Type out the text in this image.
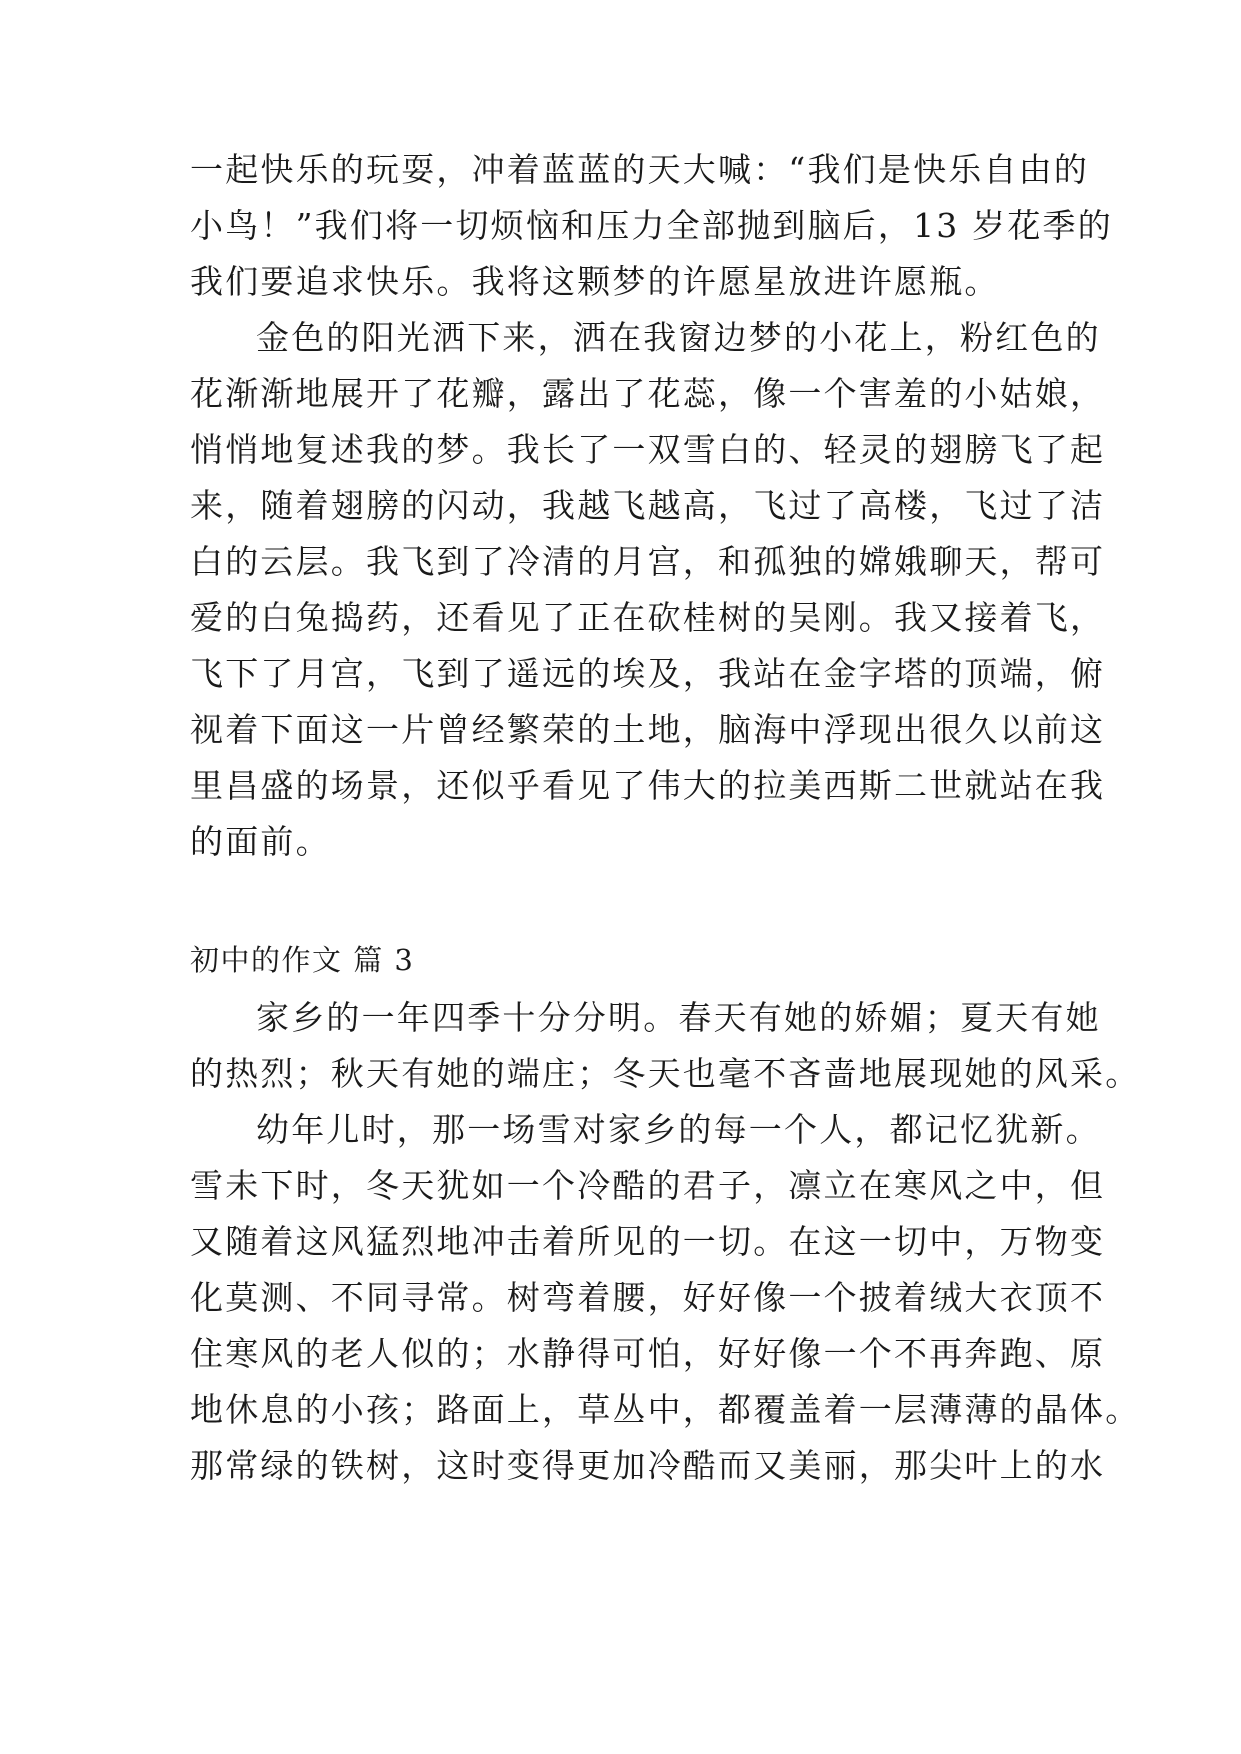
一起快乐的玩耍，冲着蓝蓝的天大喊：“我们是快乐自由的
小鸟！”我们将一切烦恼和压力全部抛到脑后，13 岁花季的
我们要追求快乐。我将这颗梦的许愿星放进许愿瓶。
金色的阳光洒下来，洒在我窗边梦的小花上，粉红色的
花渐渐地展开了花瓣，露出了花蕊，像一个害羞的小姑娘，
悄悄地复述我的梦。我长了一双雪白的、轻灵的翅膀飞了起
来，随着翅膀的闪动，我越飞越高，飞过了高楼，飞过了洁
白的云层。我飞到了冷清的月宫，和孤独的嫦娥聊天，帮可
爱的白兔捣药，还看见了正在砍桂树的吴刚。我又接着飞，
飞下了月宫，飞到了遥远的埃及，我站在金字塔的顶端，俯
视着下面这一片曾经繁荣的土地，脑海中浮现出很久以前这
里昌盛的场景，还似乎看见了伟大的拉美西斯二世就站在我
的面前。
初中的作文 篇 3
家乡的一年四季十分分明。春天有她的娇媚；夏天有她
的热烈；秋天有她的端庄；冬天也毫不吝啬地展现她的风采。
幼年儿时，那一场雪对家乡的每一个人，都记忆犹新。
雪未下时，冬天犹如一个冷酷的君子，凛立在寒风之中，但
又随着这风猛烈地冲击着所见的一切。在这一切中，万物变
化莫测、不同寻常。树弯着腰，好好像一个披着绒大衣顶不
住寒风的老人似的；水静得可怕，好好像一个不再奔跑、原
地休息的小孩；路面上，草丛中，都覆盖着一层薄薄的晶体。
那常绿的铁树，这时变得更加冷酷而又美丽，那尖叶上的水
